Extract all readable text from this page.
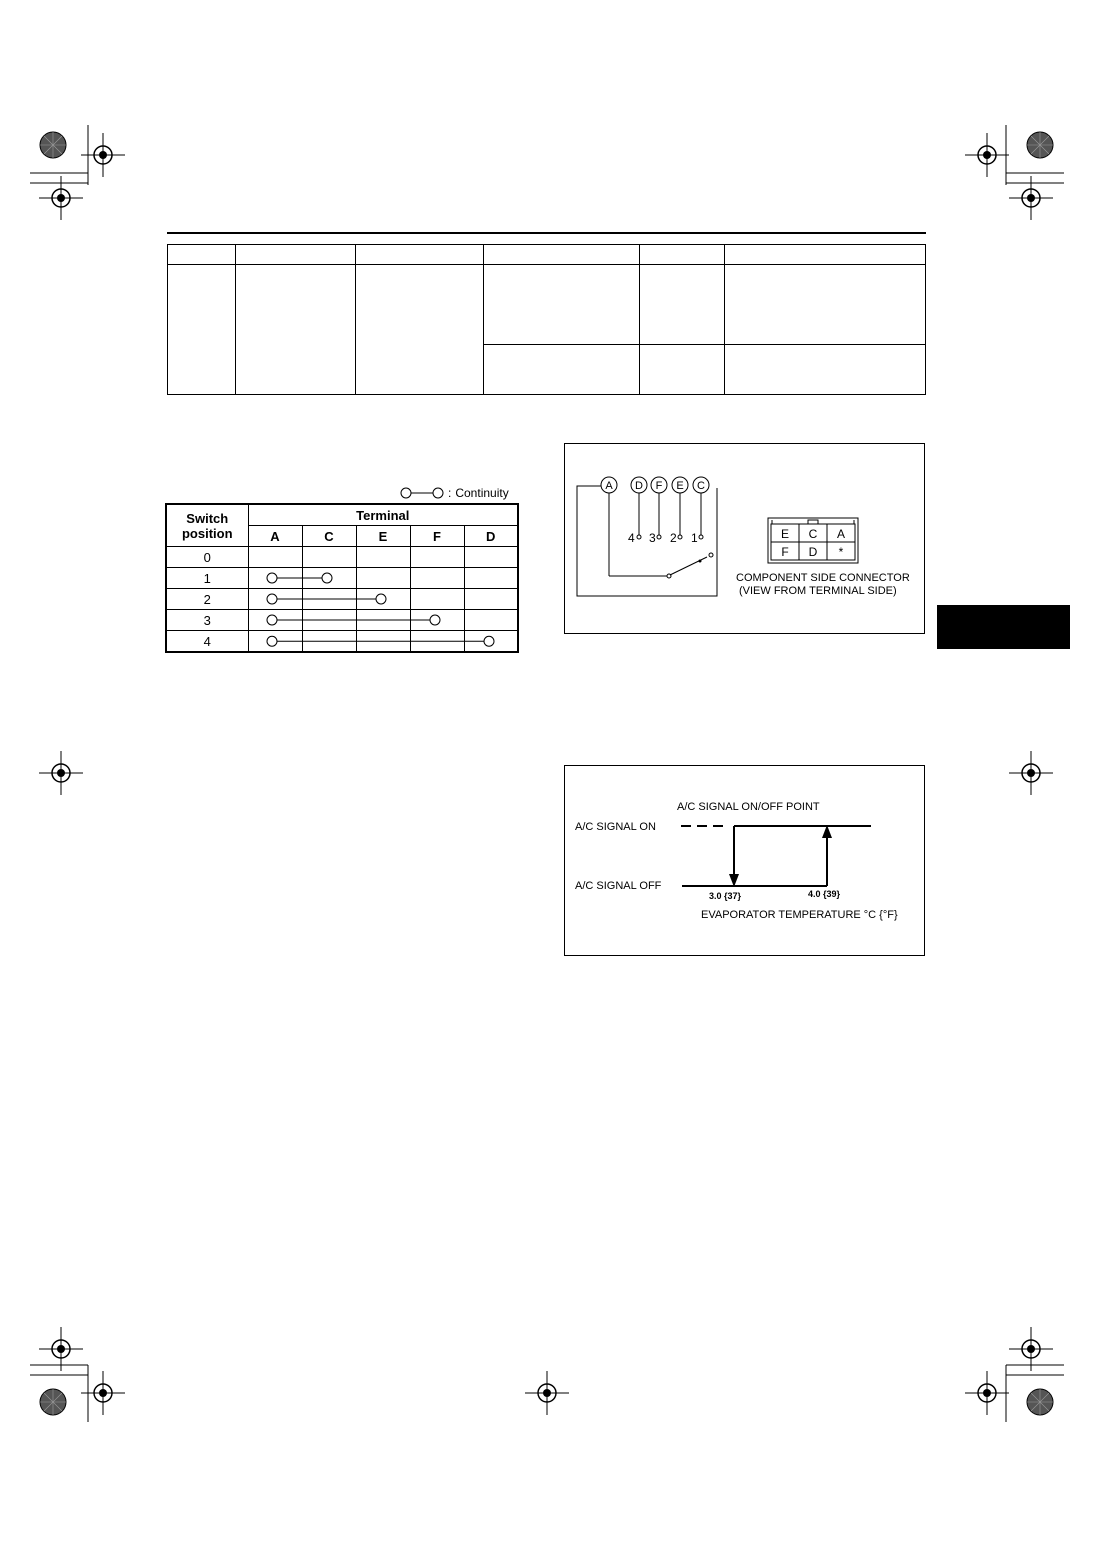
: Continuity
Switch position	Terminal				
	A	C	E	F	D
0					
1					
2					
3					
4					
A D F E C
4 3 2 1	E C A
F D *
COMPONENT SIDE CONNECTOR
(VIEW FROM TERMINAL SIDE)
A/C SIGNAL ON/OFF POINT
A/C SIGNAL ON
A/C SIGNAL OFF
3.0 {37}	4.0 {39}
EVAPORATOR TEMPERATURE °C {°F}
